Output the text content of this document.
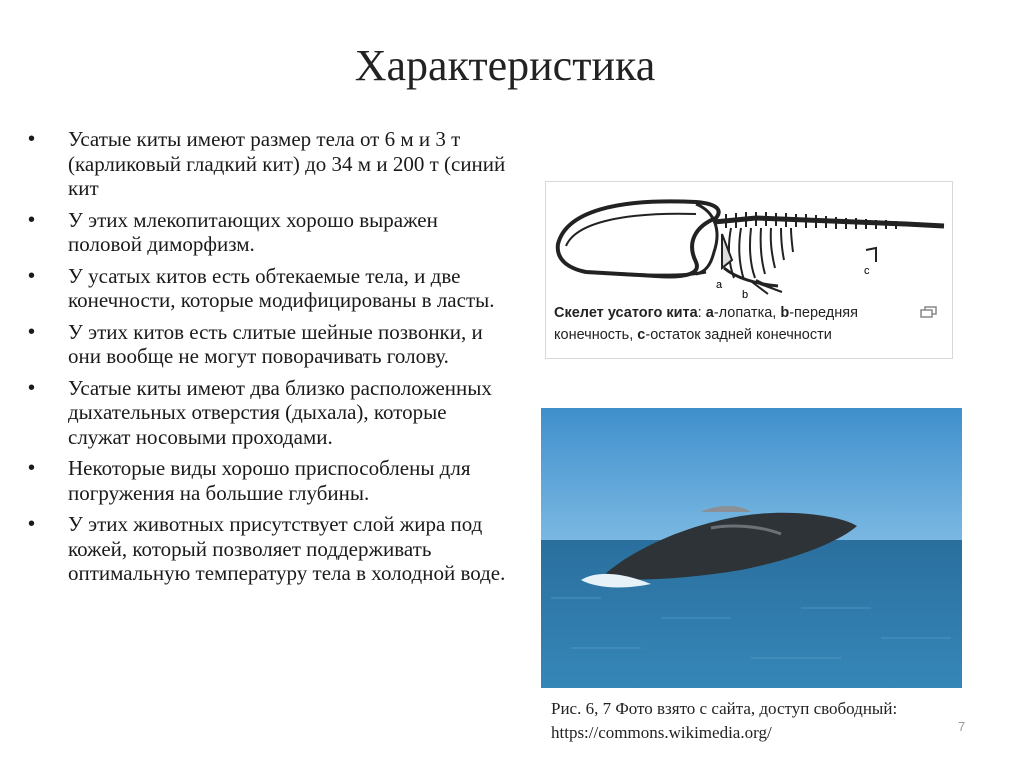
Характеристика
• Усатые киты имеют размер тела от 6 м и 3 т (карликовый гладкий кит) до 34 м и 200 т (синий кит
• У этих млекопитающих хорошо выражен половой диморфизм.
• У усатых китов есть обтекаемые тела, и две конечности, которые модифицированы в ласты.
• У этих китов есть слитые шейные позвонки, и они вообще не могут поворачивать голову.
• Усатые киты имеют два близко расположенных дыхательных отверстия (дыхала), которые служат носовыми проходами.
• Некоторые виды хорошо приспособлены для погружения на большие глубины.
• У этих животных присутствует слой жира под кожей, который позволяет поддерживать оптимальную температуру тела в холодной воде.
a
b
c
Скелет усатого кита: a-лопатка, b-передняя конечность, c-остаток задней конечности
Рис. 6, 7 Фото взято с сайта, доступ свободный:
https://commons.wikimedia.org/	7
